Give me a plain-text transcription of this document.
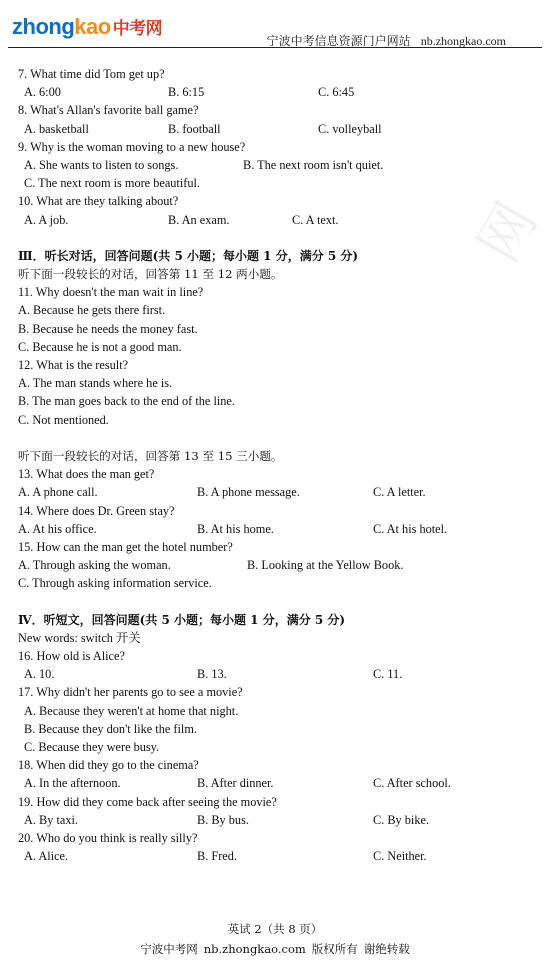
zhongkao 中考网
宁波中考信息资源门户网站 nb.zhongkao.com
网
7. What time did Tom get up?
A. 6:00	B. 6:15	C. 6:45
8. What's Allan's favorite ball game?
A. basketball	B. football	C. volleyball
9. Why is the woman moving to a new house?
A. She wants to listen to songs.	B. The next room isn't quiet.
C. The next room is more beautiful.
10. What are they talking about?
A. A job.	B. An exam.	C. A text.
Ⅲ．听长对话，回答问题(共 5 小题；每小题 1 分，满分 5 分)
听下面一段较长的对话，回答第 11 至 12 两小题。
11. Why doesn't the man wait in line?
A. Because he gets there first.
B. Because he needs the money fast.
C. Because he is not a good man.
12. What is the result?
A. The man stands where he is.
B. The man goes back to the end of the line.
C. Not mentioned.
听下面一段较长的对话，回答第 13 至 15 三小题。
13. What does the man get?
A. A phone call.	B. A phone message.	C. A letter.
14. Where does Dr. Green stay?
A. At his office.	B. At his home.	C. At his hotel.
15. How can the man get the hotel number?
A. Through asking the woman.	B. Looking at the Yellow Book.
C. Through asking information service.
Ⅳ．听短文，回答问题(共 5 小题；每小题 1 分，满分 5 分)
New words: switch 开关
16. How old is Alice?
A. 10.	B. 13.	C. 11.
17. Why didn't her parents go to see a movie?
A. Because they weren't at home that night.
B. Because they don't like the film.
C. Because they were busy.
18. When did they go to the cinema?
A. In the afternoon.	B. After dinner.	C. After school.
19. How did they come back after seeing the movie?
A. By taxi.	B. By bus.	C. By bike.
20. Who do you think is really silly?
A. Alice.	B. Fred.	C. Neither.
英试 2（共 8 页）
宁波中考网 nb.zhongkao.com 版权所有 谢绝转载
